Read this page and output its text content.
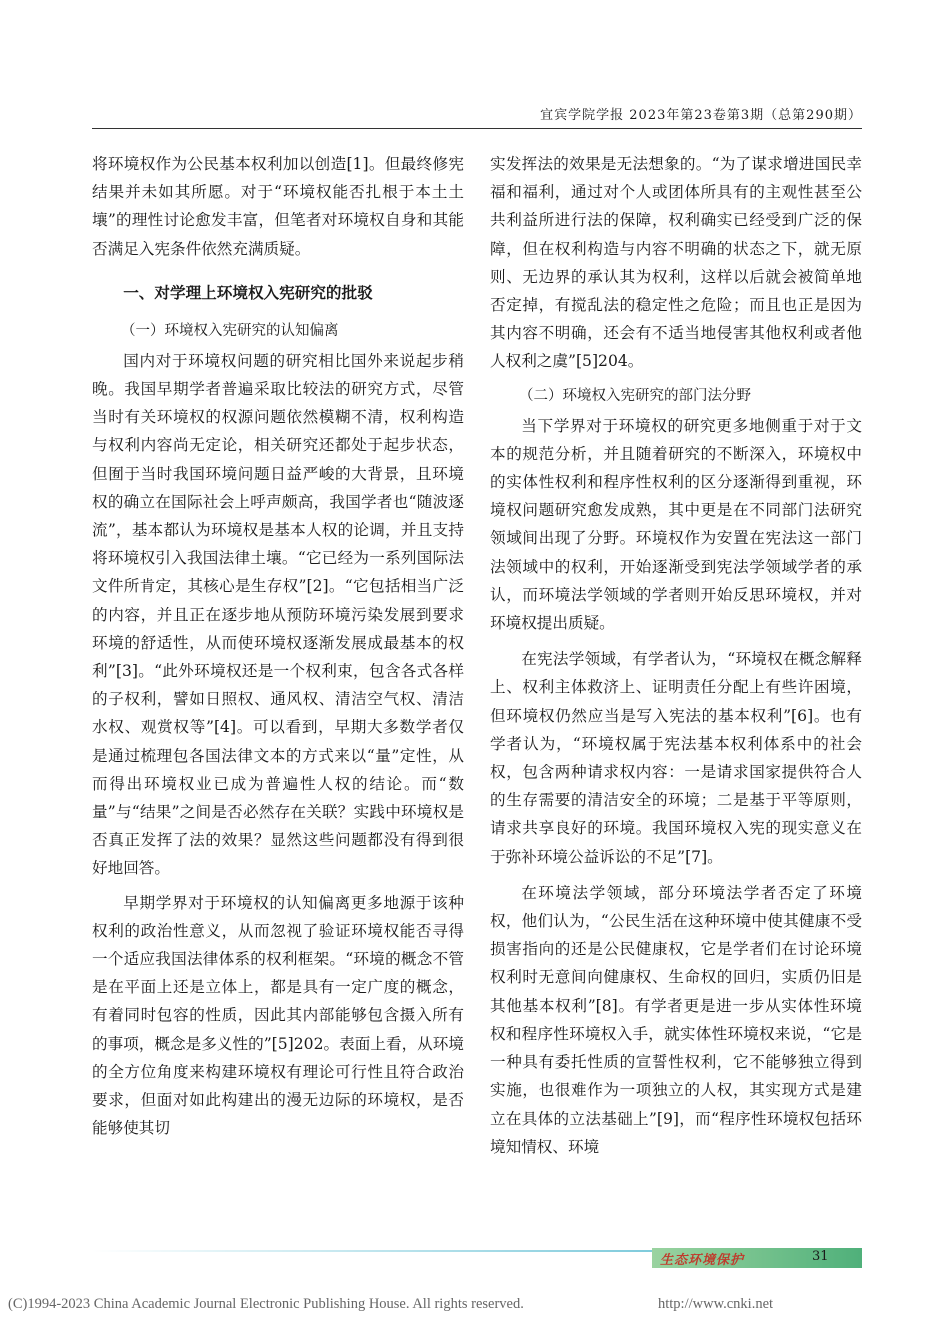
宜宾学院学报 2023年第23卷第3期（总第290期）

将环境权作为公民基本权利加以创造[1]。但最终修宪结果并未如其所愿。对于“环境权能否扎根于本土土壤”的理性讨论愈发丰富，但笔者对环境权自身和其能否满足入宪条件依然充满质疑。

一、对学理上环境权入宪研究的批驳
（一）环境权入宪研究的认知偏离

国内对于环境权问题的研究相比国外来说起步稍晚。我国早期学者普遍采取比较法的研究方式，尽管当时有关环境权的权源问题依然模糊不清，权利构造与权利内容尚无定论，相关研究还都处于起步状态，但囿于当时我国环境问题日益严峻的大背景，且环境权的确立在国际社会上呼声颇高，我国学者也“随波逐流”，基本都认为环境权是基本人权的论调，并且支持将环境权引入我国法律土壤。“它已经为一系列国际法文件所肯定，其核心是生存权”[2]。“它包括相当广泛的内容，并且正在逐步地从预防环境污染发展到要求环境的舒适性，从而使环境权逐渐发展成最基本的权利”[3]。“此外环境权还是一个权利束，包含各式各样的子权利，譬如日照权、通风权、清洁空气权、清洁水权、观赏权等”[4]。可以看到，早期大多数学者仅是通过梳理包各国法律文本的方式来以“量”定性，从而得出环境权业已成为普遍性人权的结论。而“数量”与“结果”之间是否必然存在关联？实践中环境权是否真正发挥了法的效果？显然这些问题都没有得到很好地回答。

早期学界对于环境权的认知偏离更多地源于该种权利的政治性意义，从而忽视了验证环境权能否寻得一个适应我国法律体系的权利框架。“环境的概念不管是在平面上还是立体上，都是具有一定广度的概念，有着同时包容的性质，因此其内部能够包含摄入所有的事项，概念是多义性的”[5]202。表面上看，从环境的全方位角度来构建环境权有理论可行性且符合政治要求，但面对如此构建出的漫无边际的环境权，是否能够使其切

实发挥法的效果是无法想象的。“为了谋求增进国民幸福和福利，通过对个人或团体所具有的主观性甚至公共利益所进行法的保障，权利确实已经受到广泛的保障，但在权利构造与内容不明确的状态之下，就无原则、无边界的承认其为权利，这样以后就会被简单地否定掉，有搅乱法的稳定性之危险；而且也正是因为其内容不明确，还会有不适当地侵害其他权利或者他人权利之虞”[5]204。

（二）环境权入宪研究的部门法分野

当下学界对于环境权的研究更多地侧重于对于文本的规范分析，并且随着研究的不断深入，环境权中的实体性权利和程序性权利的区分逐渐得到重视，环境权问题研究愈发成熟，其中更是在不同部门法研究领域间出现了分野。环境权作为安置在宪法这一部门法领域中的权利，开始逐渐受到宪法学领域学者的承认，而环境法学领域的学者则开始反思环境权，并对环境权提出质疑。

在宪法学领域，有学者认为，“环境权在概念解释上、权利主体救济上、证明责任分配上有些许困境，但环境权仍然应当是写入宪法的基本权利”[6]。也有学者认为，“环境权属于宪法基本权利体系中的社会权，包含两种请求权内容：一是请求国家提供符合人的生存需要的清洁安全的环境；二是基于平等原则，请求共享良好的环境。我国环境权入宪的现实意义在于弥补环境公益诉讼的不足”[7]。

在环境法学领域，部分环境法学者否定了环境权，他们认为，“公民生活在这种环境中使其健康不受损害指向的还是公民健康权，它是学者们在讨论环境权利时无意间向健康权、生命权的回归，实质仍旧是其他基本权利”[8]。有学者更是进一步从实体性环境权和程序性环境权入手，就实体性环境权来说，“它是一种具有委托性质的宣誓性权利，它不能够独立得到实施，也很难作为一项独立的人权，其实现方式是建立在具体的立法基础上”[9]，而“程序性环境权包括环境知情权、环境

生态环境保护	31
(C)1994-2023 China Academic Journal Electronic Publishing House. All rights reserved.	http://www.cnki.net
